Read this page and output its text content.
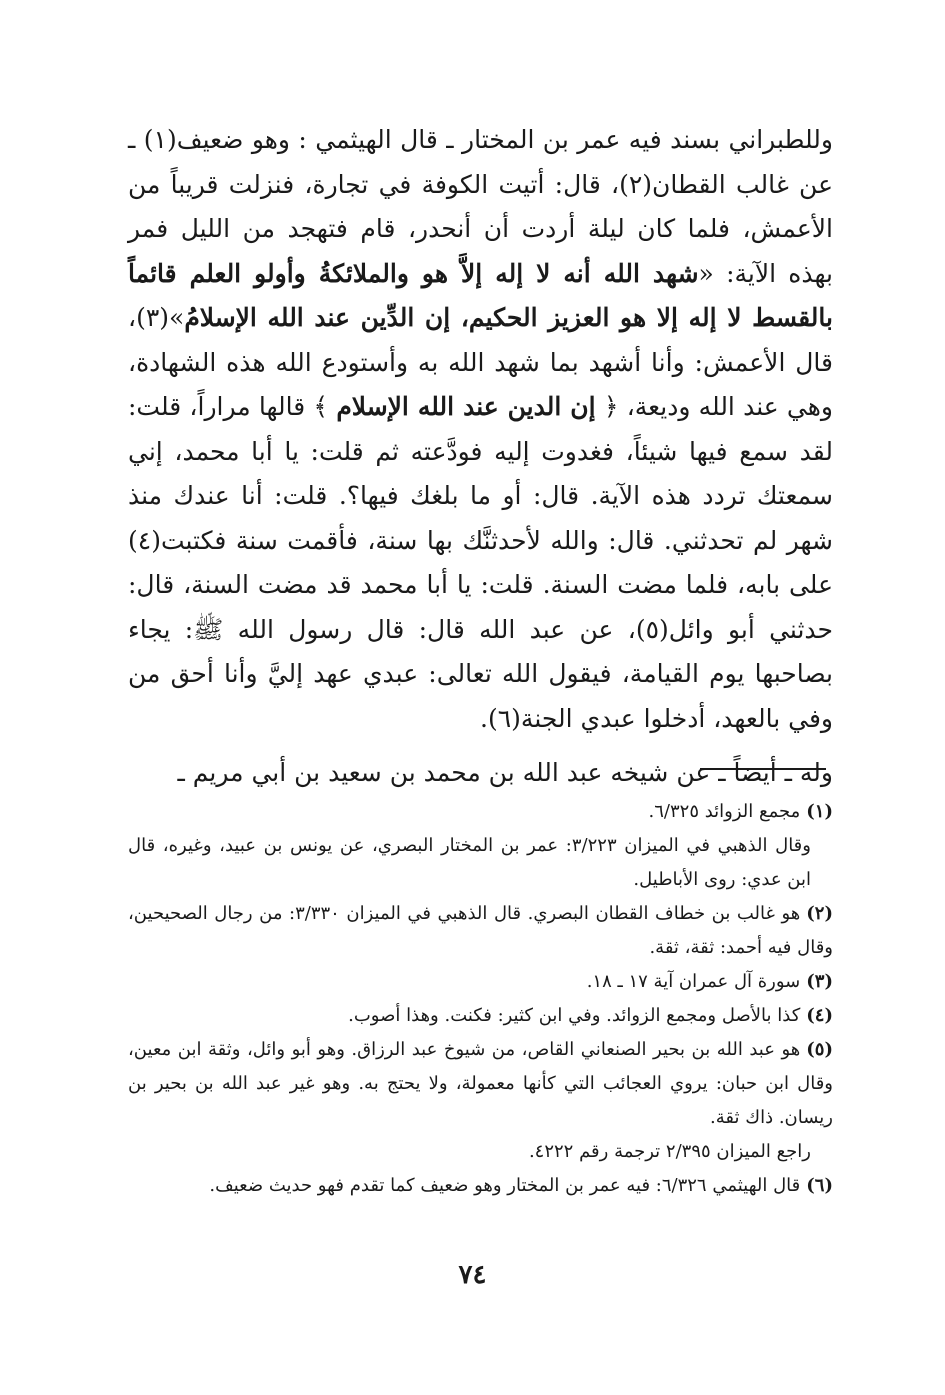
وللطبراني بسند فيه عمر بن المختار ـ قال الهيثمي : وهو ضعيف(١) ـ عن غالب القطان(٢)، قال: أتيت الكوفة في تجارة، فنزلت قريباً من الأعمش، فلما كان ليلة أردت أن أنحدر، قام فتهجد من الليل فمر بهذه الآية: «شهد الله أنه لا إله إلاَّ هو والملائكةُ وأولو العلم قائماً بالقسط لا إله إلا هو العزيز الحكيم، إن الدِّين عند الله الإسلامُ»(٣)، قال الأعمش: وأنا أشهد بما شهد الله به وأستودع الله هذه الشهادة، وهي عند الله وديعة، ﴿ إن الدين عند الله الإسلام ﴾ قالها مراراً، قلت: لقد سمع فيها شيئاً، فغدوت إليه فودَّعته ثم قلت: يا أبا محمد، إني سمعتك تردد هذه الآية. قال: أو ما بلغك فيها؟. قلت: أنا عندك منذ شهر لم تحدثني. قال: والله لأحدثنَّك بها سنة، فأقمت سنة فكتبت(٤) على بابه، فلما مضت السنة. قلت: يا أبا محمد قد مضت السنة، قال: حدثني أبو وائل(٥)، عن عبد الله قال: قال رسول الله ﷺ: يجاء بصاحبها يوم القيامة، فيقول الله تعالى: عبدي عهد إليَّ وأنا أحق من وفي بالعهد، أدخلوا عبدي الجنة(٦).

وله ـ أيضاً ـ عن شيخه عبد الله بن محمد بن سعيد بن أبي مريم ـ

(١)مجمع الزوائد ٦/٣٢٥.

وقال الذهبي في الميزان ٣/٢٢٣: عمر بن المختار البصري، عن يونس بن عبيد، وغيره، قال ابن عدي: روى الأباطيل.

(٢)هو غالب بن خطاف القطان البصري. قال الذهبي في الميزان ٣/٣٣٠: من رجال الصحيحين، وقال فيه أحمد: ثقة، ثقة.

(٣)سورة آل عمران آية ١٧ ـ ١٨.

(٤)كذا بالأصل ومجمع الزوائد. وفي ابن كثير: فكنت. وهذا أصوب.

(٥)هو عبد الله بن بحير الصنعاني القاص، من شيوخ عبد الرزاق. وهو أبو وائل، وثقة ابن معين، وقال ابن حبان: يروي العجائب التي كأنها معمولة، ولا يحتج به. وهو غير عبد الله بن بحير بن ريسان. ذاك ثقة.

راجع الميزان ٢/٣٩٥ ترجمة رقم ٤٢٢٢.

(٦)قال الهيثمي ٦/٣٢٦: فيه عمر بن المختار وهو ضعيف كما تقدم فهو حديث ضعيف.

٧٤
